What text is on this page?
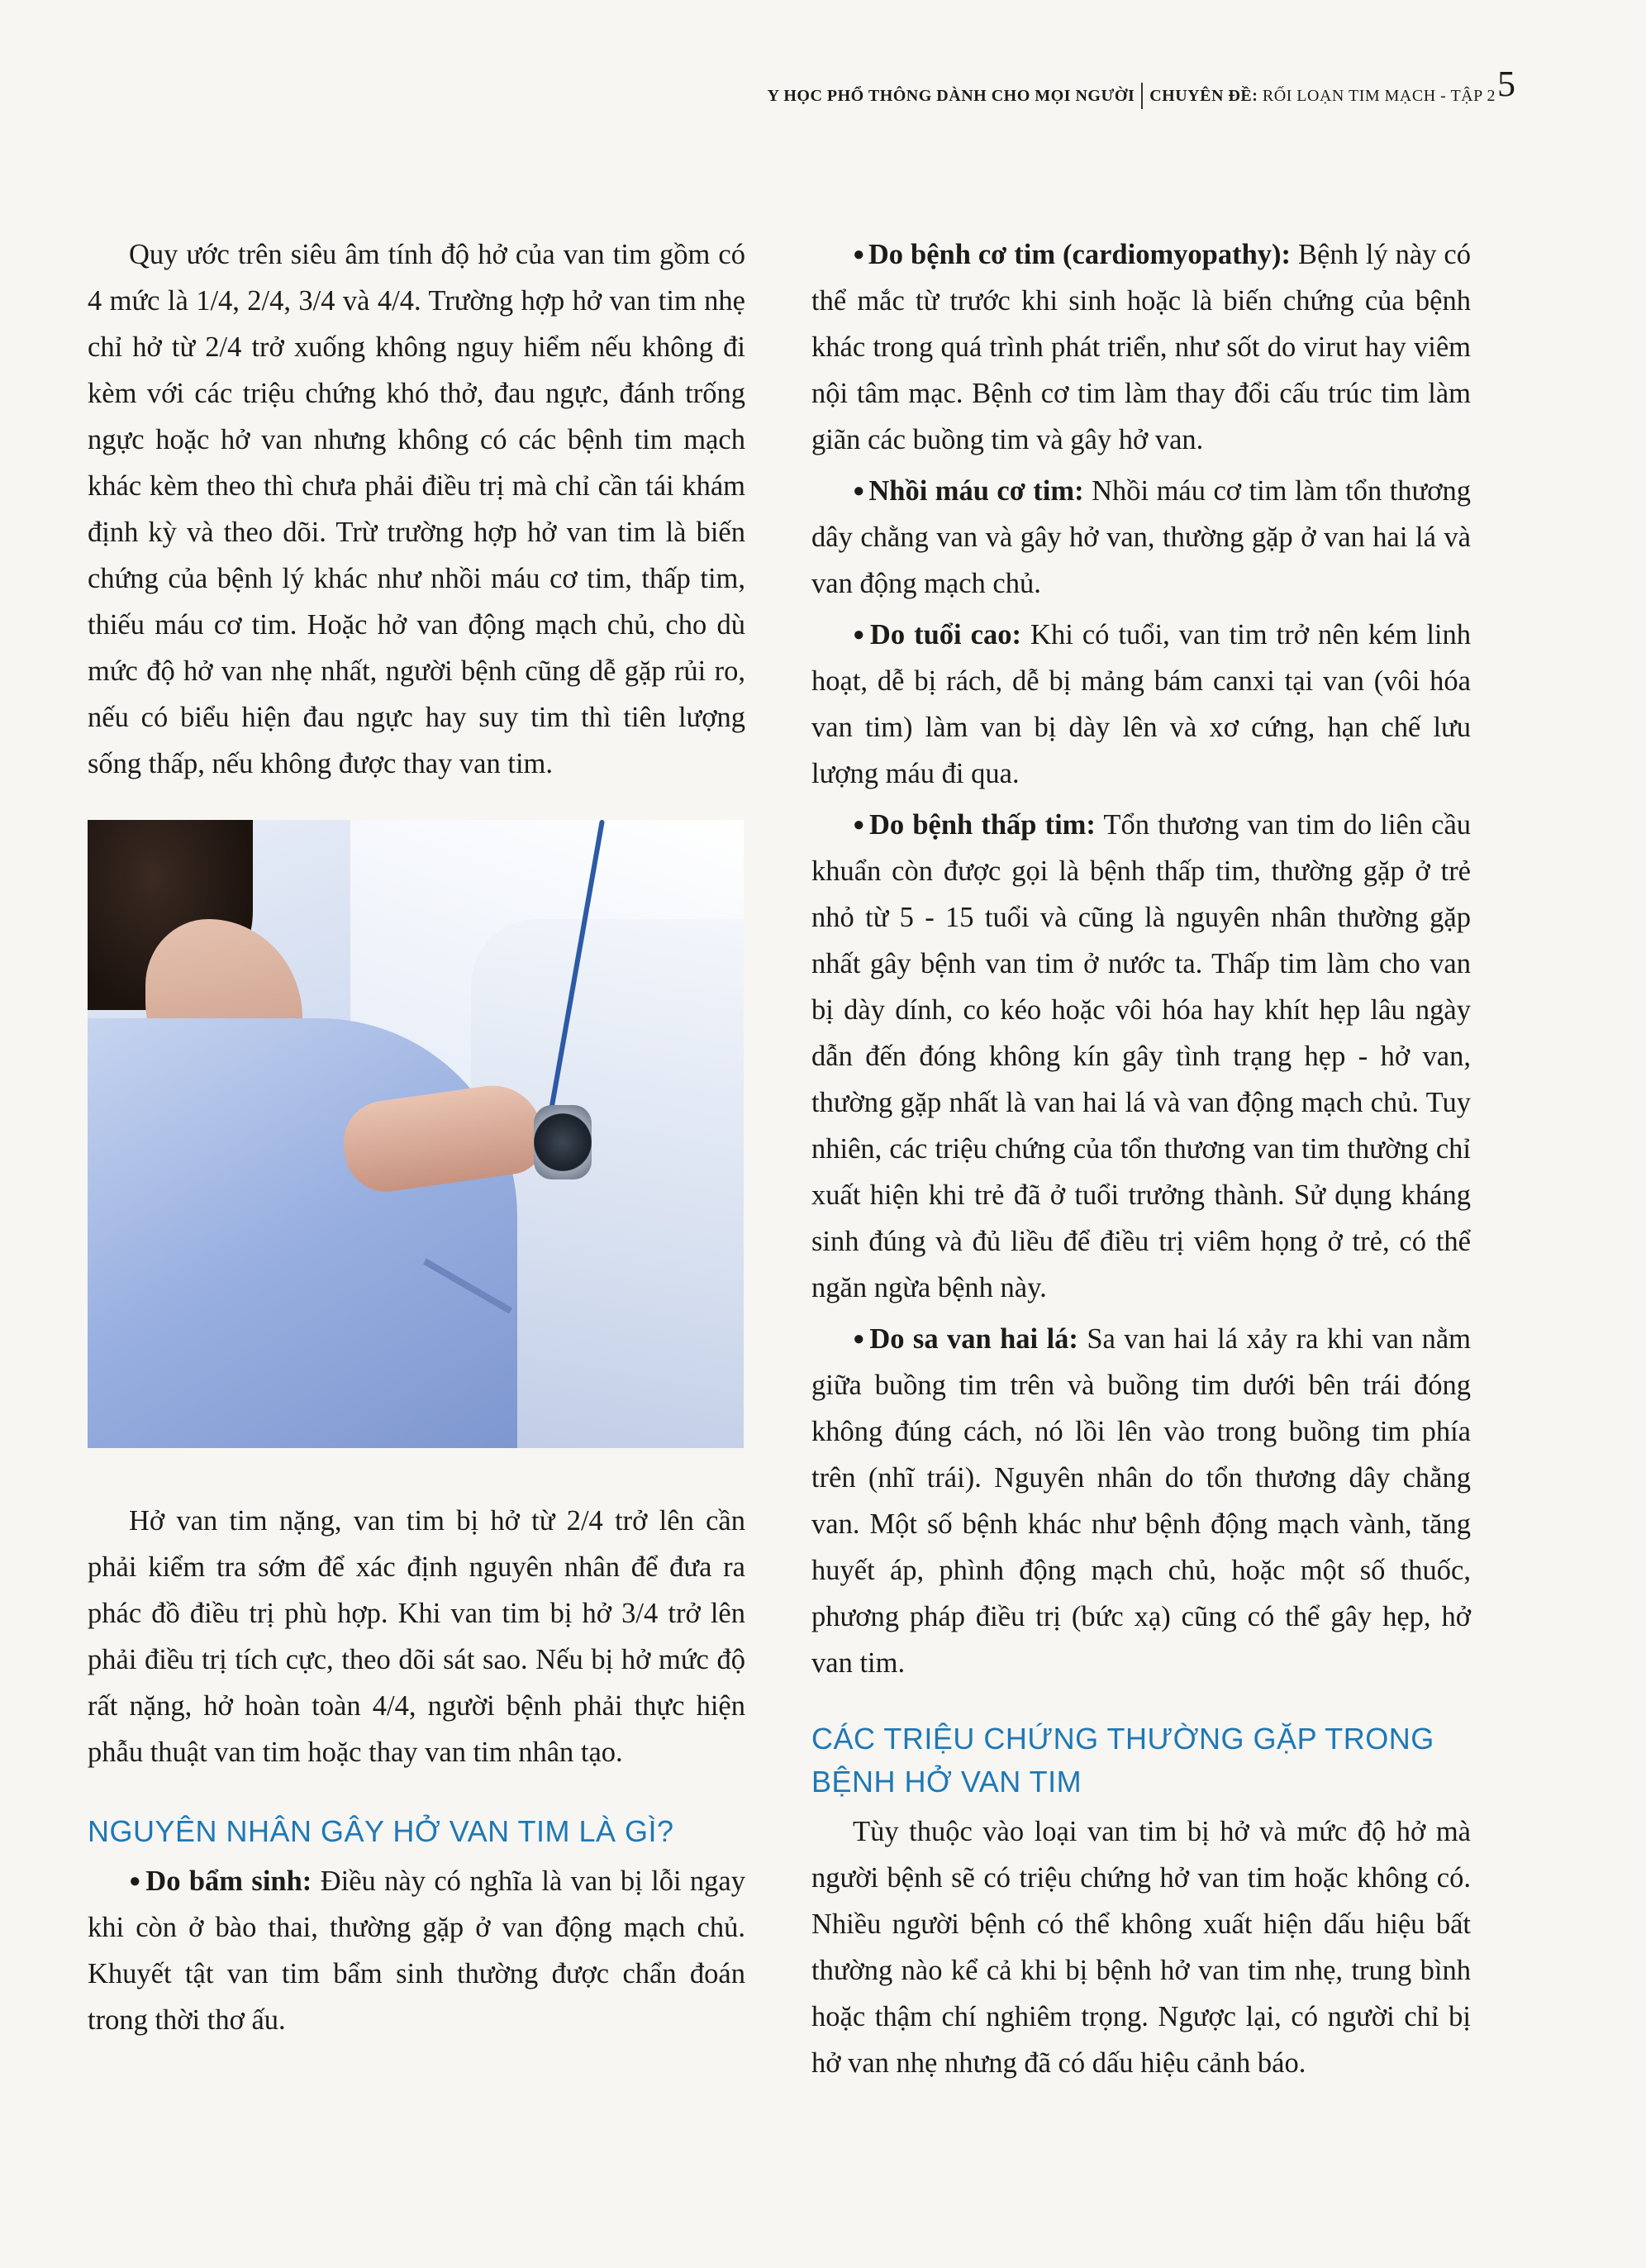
Y HỌC PHỔ THÔNG DÀNH CHO MỌI NGƯỜI CHUYÊN ĐỀ:
RỐI LOẠN TIM MẠCH - TẬP 2 5

Quy ước trên siêu âm tính độ hở của van tim gồm có 4 mức là 1/4, 2/4, 3/4 và 4/4. Trường hợp hở van tim nhẹ chỉ hở từ 2/4 trở xuống không nguy hiểm nếu không đi kèm với các triệu chứng khó thở, đau ngực, đánh trống ngực hoặc hở van nhưng không có các bệnh tim mạch khác kèm theo thì chưa phải điều trị mà chỉ cần tái khám định kỳ và theo dõi. Trừ trường hợp hở van tim là biến chứng của bệnh lý khác như nhồi máu cơ tim, thấp tim, thiếu máu cơ tim. Hoặc hở van động mạch chủ, cho dù mức độ hở van nhẹ nhất, người bệnh cũng dễ gặp rủi ro, nếu có biểu hiện đau ngực hay suy tim thì tiên lượng sống thấp, nếu không được thay van tim.

Hở van tim nặng, van tim bị hở từ 2/4 trở lên cần phải kiểm tra sớm để xác định nguyên nhân để đưa ra phác đồ điều trị phù hợp. Khi van tim bị hở 3/4 trở lên phải điều trị tích cực, theo dõi sát sao. Nếu bị hở mức độ rất nặng, hở hoàn toàn 4/4, người bệnh phải thực hiện phẫu thuật van tim hoặc thay van tim nhân tạo.

NGUYÊN NHÂN GÂY HỞ VAN TIM LÀ GÌ?

● Do bẩm sinh: Điều này có nghĩa là van bị lỗi ngay khi còn ở bào thai, thường gặp ở van động mạch chủ. Khuyết tật van tim bẩm sinh thường được chẩn đoán trong thời thơ ấu.

● Do bệnh cơ tim (cardiomyopathy): Bệnh lý này có thể mắc từ trước khi sinh hoặc là biến chứng của bệnh khác trong quá trình phát triển, như sốt do virut hay viêm nội tâm mạc. Bệnh cơ tim làm thay đổi cấu trúc tim làm giãn các buồng tim và gây hở van.

● Nhồi máu cơ tim: Nhồi máu cơ tim làm tổn thương dây chằng van và gây hở van, thường gặp ở van hai lá và van động mạch chủ.

● Do tuổi cao: Khi có tuổi, van tim trở nên kém linh hoạt, dễ bị rách, dễ bị mảng bám canxi tại van (vôi hóa van tim) làm van bị dày lên và xơ cứng, hạn chế lưu lượng máu đi qua.

● Do bệnh thấp tim: Tổn thương van tim do liên cầu khuẩn còn được gọi là bệnh thấp tim, thường gặp ở trẻ nhỏ từ 5 - 15 tuổi và cũng là nguyên nhân thường gặp nhất gây bệnh van tim ở nước ta. Thấp tim làm cho van bị dày dính, co kéo hoặc vôi hóa hay khít hẹp lâu ngày dẫn đến đóng không kín gây tình trạng hẹp - hở van, thường gặp nhất là van hai lá và van động mạch chủ. Tuy nhiên, các triệu chứng của tổn thương van tim thường chỉ xuất hiện khi trẻ đã ở tuổi trưởng thành. Sử dụng kháng sinh đúng và đủ liều để điều trị viêm họng ở trẻ, có thể ngăn ngừa bệnh này.

● Do sa van hai lá: Sa van hai lá xảy ra khi van nằm giữa buồng tim trên và buồng tim dưới bên trái đóng không đúng cách, nó lồi lên vào trong buồng tim phía trên (nhĩ trái). Nguyên nhân do tổn thương dây chằng van. Một số bệnh khác như bệnh động mạch vành, tăng huyết áp, phình động mạch chủ, hoặc một số thuốc, phương pháp điều trị (bức xạ) cũng có thể gây hẹp, hở van tim.

CÁC TRIỆU CHỨNG THƯỜNG GẶP TRONG BỆNH HỞ VAN TIM

Tùy thuộc vào loại van tim bị hở và mức độ hở mà người bệnh sẽ có triệu chứng hở van tim hoặc không có. Nhiều người bệnh có thể không xuất hiện dấu hiệu bất thường nào kể cả khi bị bệnh hở van tim nhẹ, trung bình hoặc thậm chí nghiêm trọng. Ngược lại, có người chỉ bị hở van nhẹ nhưng đã có dấu hiệu cảnh báo.
